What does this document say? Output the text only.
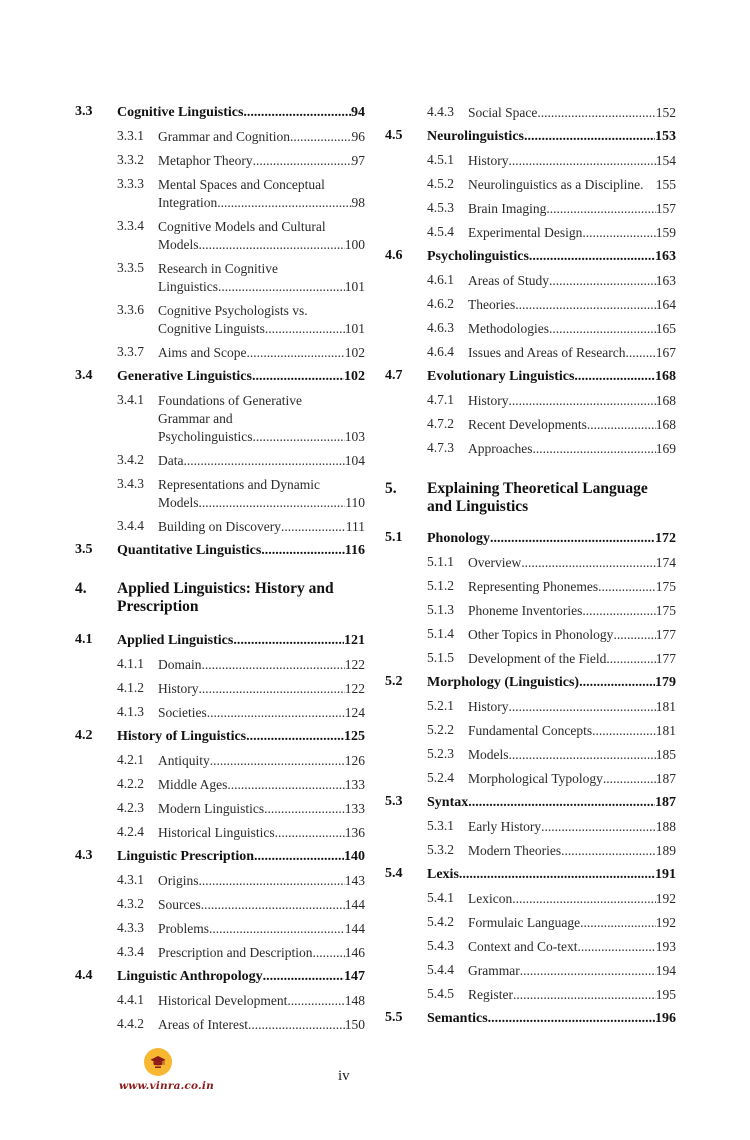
3.3	Cognitive Linguistics .....	94
3.3.1	Grammar and Cognition .....	96
3.3.2	Metaphor Theory .....	97
3.3.3	Mental Spaces and Conceptual
Integration .....	98
3.3.4	Cognitive Models and Cultural
Models .....	100
3.3.5	Research in Cognitive
Linguistics .....	101
3.3.6	Cognitive Psychologists vs.
Cognitive Linguists .....	101
3.3.7	Aims and Scope .....	102
3.4	Generative Linguistics .....	102
3.4.1	Foundations of Generative
Grammar and
Psycholinguistics .....	103
3.4.2	Data .....	104
3.4.3	Representations and Dynamic
Models .....	110
3.4.4	Building on Discovery .....	111
3.5	Quantitative Linguistics .....	116
4. Applied Linguistics: History and
Prescription
4.1	Applied Linguistics .....	121
4.1.1	Domain .....	122
4.1.2	History .....	122
4.1.3	Societies .....	124
4.2	History of Linguistics .....	125
4.2.1	Antiquity .....	126
4.2.2	Middle Ages .....	133
4.2.3	Modern Linguistics .....	133
4.2.4	Historical Linguistics .....	136
4.3	Linguistic Prescription .....	140
4.3.1	Origins .....	143
4.3.2	Sources .....	144
4.3.3	Problems .....	144
4.3.4	Prescription and Description ..... 146
4.4	Linguistic Anthropology .....	147
4.4.1	Historical Development .....	148
4.4.2	Areas of Interest .....	150
4.4.3	Social Space .....	152
4.5	Neurolinguistics .....	153
4.5.1	History .....	154
4.5.2	Neurolinguistics as a Discipline . 155
4.5.3	Brain Imaging .....	157
4.5.4	Experimental Design .....	159
4.6	Psycholinguistics .....	163
4.6.1	Areas of Study .....	163
4.6.2	Theories .....	164
4.6.3	Methodologies .....	165
4.6.4	Issues and Areas of Research ..... 167
4.7	Evolutionary Linguistics .....	168
4.7.1	History .....	168
4.7.2	Recent Developments .....	168
4.7.3	Approaches .....	169
5. Explaining Theoretical Language
and Linguistics
5.1	Phonology .....	172
5.1.1	Overview .....	174
5.1.2	Representing Phonemes .....	175
5.1.3	Phoneme Inventories .....	175
5.1.4	Other Topics in Phonology .....	177
5.1.5	Development of the Field .....	177
5.2	Morphology (Linguistics) .....	179
5.2.1	History .....	181
5.2.2	Fundamental Concepts .....	181
5.2.3	Models .....	185
5.2.4	Morphological Typology .....	187
5.3	Syntax .....	187
5.3.1	Early History .....	188
5.3.2	Modern Theories .....	189
5.4	Lexis .....	191
5.4.1	Lexicon .....	192
5.4.2	Formulaic Language .....	192
5.4.3	Context and Co-text .....	193
5.4.4	Grammar .....	194
5.4.5	Register .....	195
5.5	Semantics .....	196
www.vinra.co.in
iv
